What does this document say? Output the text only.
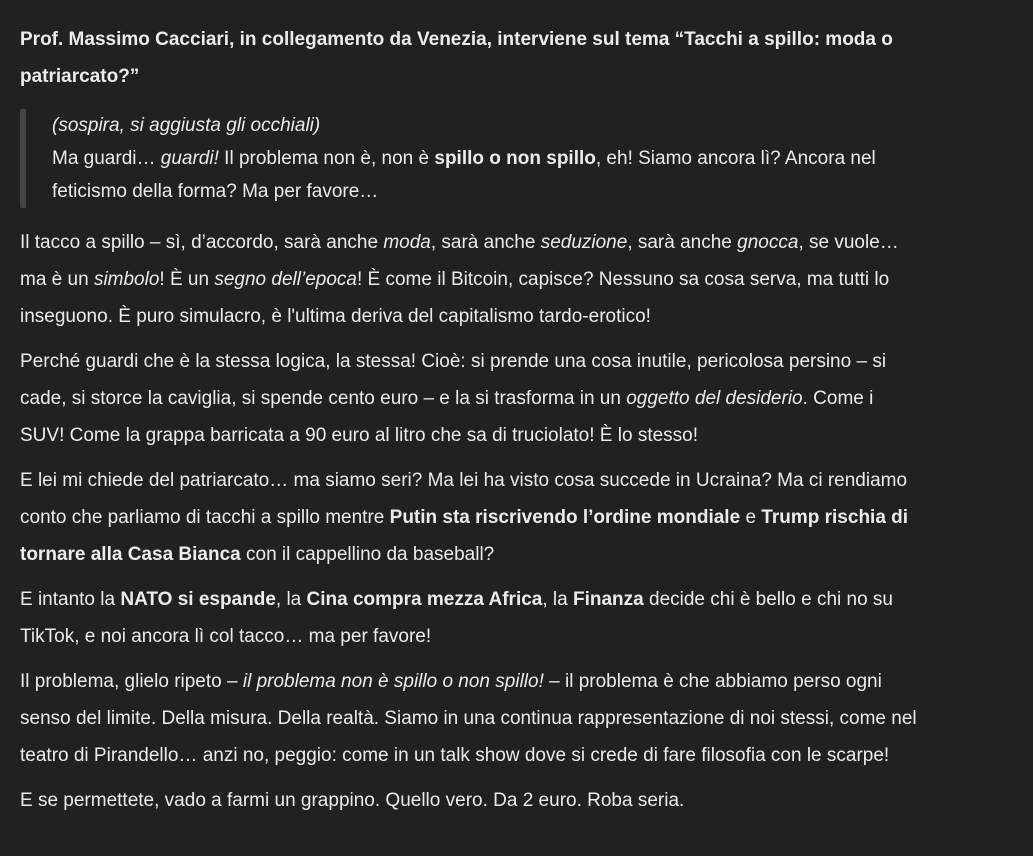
Prof. Massimo Cacciari, in collegamento da Venezia, interviene sul tema “Tacchi a spillo: moda o
patriarcato?”
(sospira, si aggiusta gli occhiali)
Ma guardi… guardi! Il problema non è, non è spillo o non spillo, eh! Siamo ancora lì? Ancora nel
feticismo della forma? Ma per favore…
Il tacco a spillo – sì, d’accordo, sarà anche moda, sarà anche seduzione, sarà anche gnocca, se vuole…
ma è un simbolo! È un segno dell’epoca! È come il Bitcoin, capisce? Nessuno sa cosa serva, ma tutti lo
inseguono. È puro simulacro, è l'ultima deriva del capitalismo tardo-erotico!
Perché guardi che è la stessa logica, la stessa! Cioè: si prende una cosa inutile, pericolosa persino – si
cade, si storce la caviglia, si spende cento euro – e la si trasforma in un oggetto del desiderio. Come i
SUV! Come la grappa barricata a 90 euro al litro che sa di truciolato! È lo stesso!
E lei mi chiede del patriarcato… ma siamo seri? Ma lei ha visto cosa succede in Ucraina? Ma ci rendiamo
conto che parliamo di tacchi a spillo mentre Putin sta riscrivendo l’ordine mondiale e Trump rischia di
tornare alla Casa Bianca con il cappellino da baseball?
E intanto la NATO si espande, la Cina compra mezza Africa, la Finanza decide chi è bello e chi no su
TikTok, e noi ancora lì col tacco… ma per favore!
Il problema, glielo ripeto – il problema non è spillo o non spillo! – il problema è che abbiamo perso ogni
senso del limite. Della misura. Della realtà. Siamo in una continua rappresentazione di noi stessi, come nel
teatro di Pirandello… anzi no, peggio: come in un talk show dove si crede di fare filosofia con le scarpe!
E se permettete, vado a farmi un grappino. Quello vero. Da 2 euro. Roba seria.
